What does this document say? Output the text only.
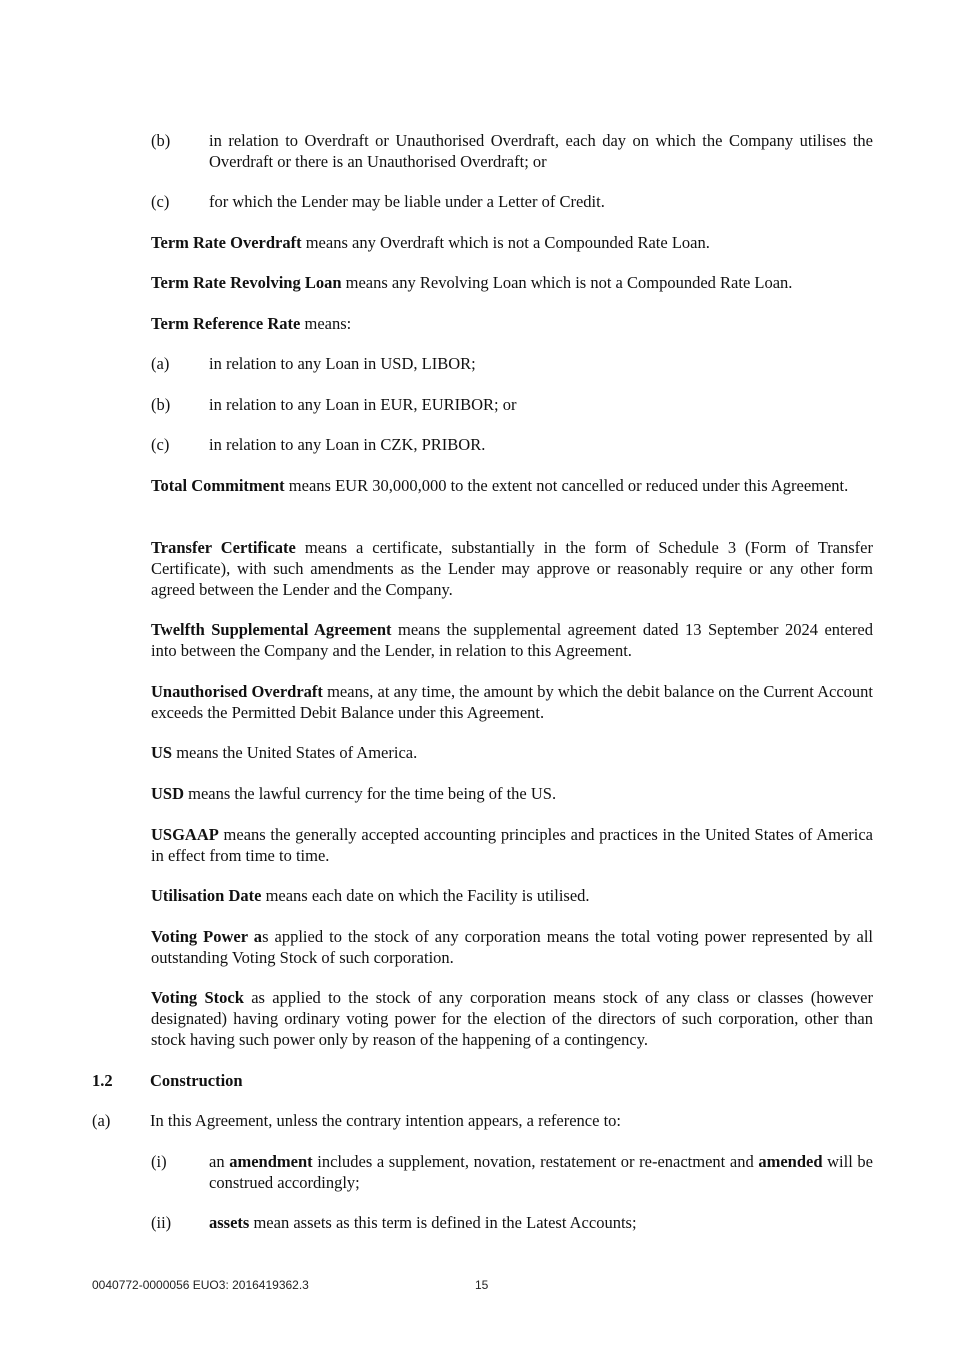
(b) in relation to Overdraft or Unauthorised Overdraft, each day on which the Company utilises the Overdraft or there is an Unauthorised Overdraft; or
(c) for which the Lender may be liable under a Letter of Credit.
Term Rate Overdraft means any Overdraft which is not a Compounded Rate Loan.
Term Rate Revolving Loan means any Revolving Loan which is not a Compounded Rate Loan.
Term Reference Rate means:
(a) in relation to any Loan in USD, LIBOR;
(b) in relation to any Loan in EUR, EURIBOR; or
(c) in relation to any Loan in CZK, PRIBOR.
Total Commitment means EUR 30,000,000 to the extent not cancelled or reduced under this Agreement.
Transfer Certificate means a certificate, substantially in the form of Schedule 3 (Form of Transfer Certificate), with such amendments as the Lender may approve or reasonably require or any other form agreed between the Lender and the Company.
Twelfth Supplemental Agreement means the supplemental agreement dated 13 September 2024 entered into between the Company and the Lender, in relation to this Agreement.
Unauthorised Overdraft means, at any time, the amount by which the debit balance on the Current Account exceeds the Permitted Debit Balance under this Agreement.
US means the United States of America.
USD means the lawful currency for the time being of the US.
USGAAP means the generally accepted accounting principles and practices in the United States of America in effect from time to time.
Utilisation Date means each date on which the Facility is utilised.
Voting Power as applied to the stock of any corporation means the total voting power represented by all outstanding Voting Stock of such corporation.
Voting Stock as applied to the stock of any corporation means stock of any class or classes (however designated) having ordinary voting power for the election of the directors of such corporation, other than stock having such power only by reason of the happening of a contingency.
1.2 Construction
(a) In this Agreement, unless the contrary intention appears, a reference to:
(i)	an amendment includes a supplement, novation, restatement or re-enactment and amended will be construed accordingly;
(ii) assets mean assets as this term is defined in the Latest Accounts;
0040772-0000056 EUO3: 2016419362.3	15
